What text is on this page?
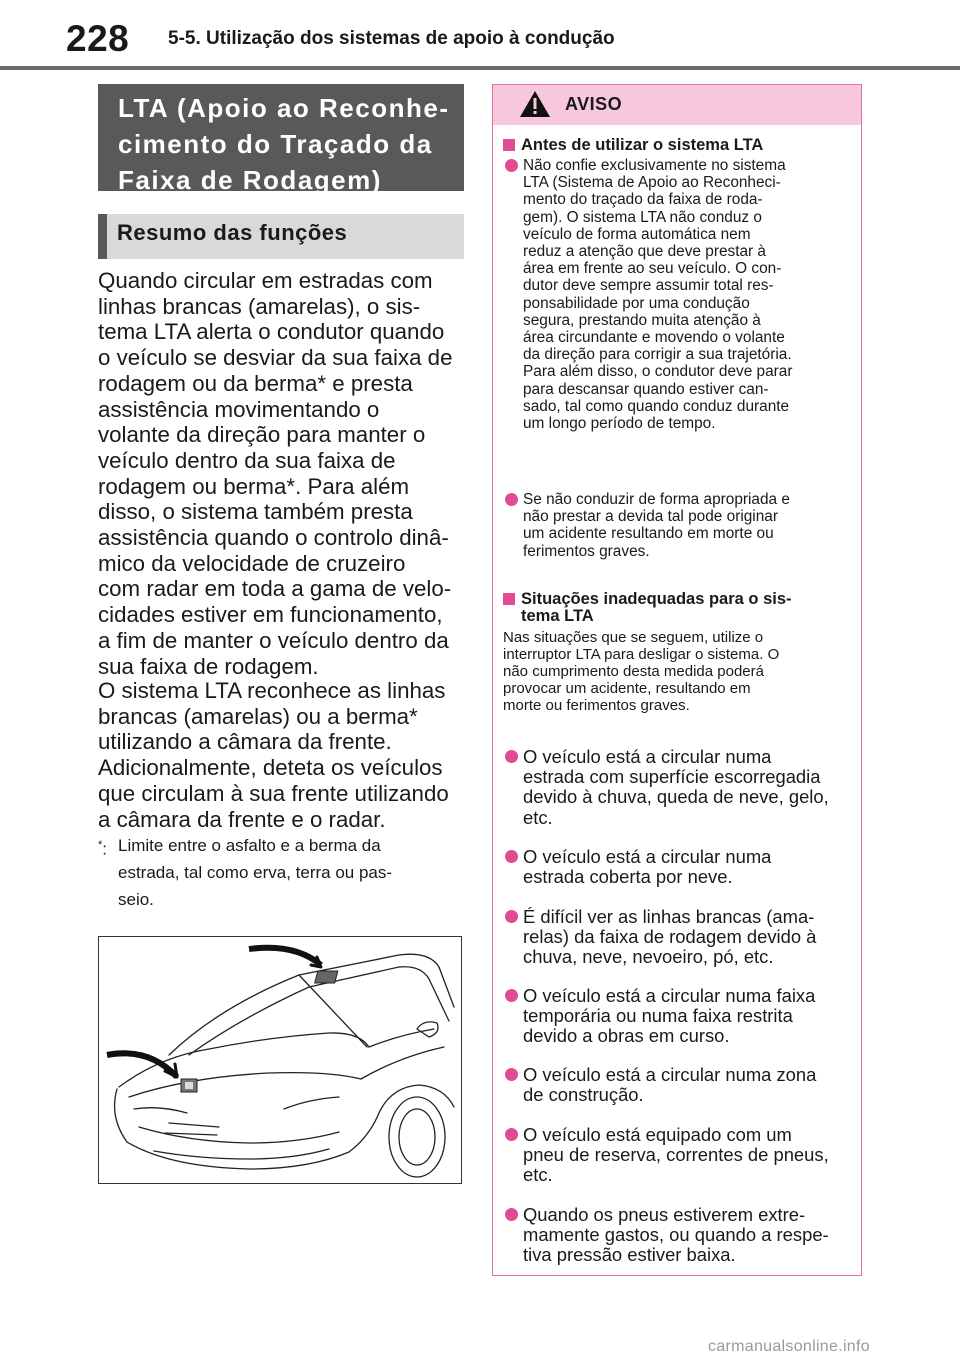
228 5-5. Utilização dos sistemas de apoio à condução
LTA (Apoio ao Reconhe-
cimento do Traçado da
Faixa de Rodagem)
Resumo das funções
Quando circular em estradas com
linhas brancas (amarelas), o sis-
tema LTA alerta o condutor quando
o veículo se desviar da sua faixa de
rodagem ou da berma* e presta
assistência movimentando o
volante da direção para manter o
veículo dentro da sua faixa de
rodagem ou berma*. Para além
disso, o sistema também presta
assistência quando o controlo dinâ-
mico da velocidade de cruzeiro
com radar em toda a gama de velo-
cidades estiver em funcionamento,
a fim de manter o veículo dentro da
sua faixa de rodagem.
O sistema LTA reconhece as linhas
brancas (amarelas) ou a berma*
utilizando a câmara da frente.
Adicionalmente, deteta os veículos
que circulam à sua frente utilizando
a câmara da frente e o radar.
*: Limite entre o asfalto e a berma da
estrada, tal como erva, terra ou pas-
seio.
AVISO
Antes de utilizar o sistema LTA
Não confie exclusivamente no sistema
LTA (Sistema de Apoio ao Reconheci-
mento do traçado da faixa de roda-
gem). O sistema LTA não conduz o
veículo de forma automática nem
reduz a atenção que deve prestar à
área em frente ao seu veículo. O con-
dutor deve sempre assumir total res-
ponsabilidade por uma condução
segura, prestando muita atenção à
área circundante e movendo o volante
da direção para corrigir a sua trajetória.
Para além disso, o condutor deve parar
para descansar quando estiver can-
sado, tal como quando conduz durante
um longo período de tempo.
Se não conduzir de forma apropriada e
não prestar a devida tal pode originar
um acidente resultando em morte ou
ferimentos graves.
Situações inadequadas para o sis-
tema LTA
Nas situações que se seguem, utilize o
interruptor LTA para desligar o sistema. O
não cumprimento desta medida poderá
provocar um acidente, resultando em
morte ou ferimentos graves.
O veículo está a circular numa
estrada com superfície escorregadia
devido à chuva, queda de neve, gelo,
etc.
O veículo está a circular numa
estrada coberta por neve.
É difícil ver as linhas brancas (ama-
relas) da faixa de rodagem devido à
chuva, neve, nevoeiro, pó, etc.
O veículo está a circular numa faixa
temporária ou numa faixa restrita
devido a obras em curso.
O veículo está a circular numa zona
de construção.
O veículo está equipado com um
pneu de reserva, correntes de pneus,
etc.
Quando os pneus estiverem extre-
mamente gastos, ou quando a respe-
tiva pressão estiver baixa.
carmanualsonline.info
